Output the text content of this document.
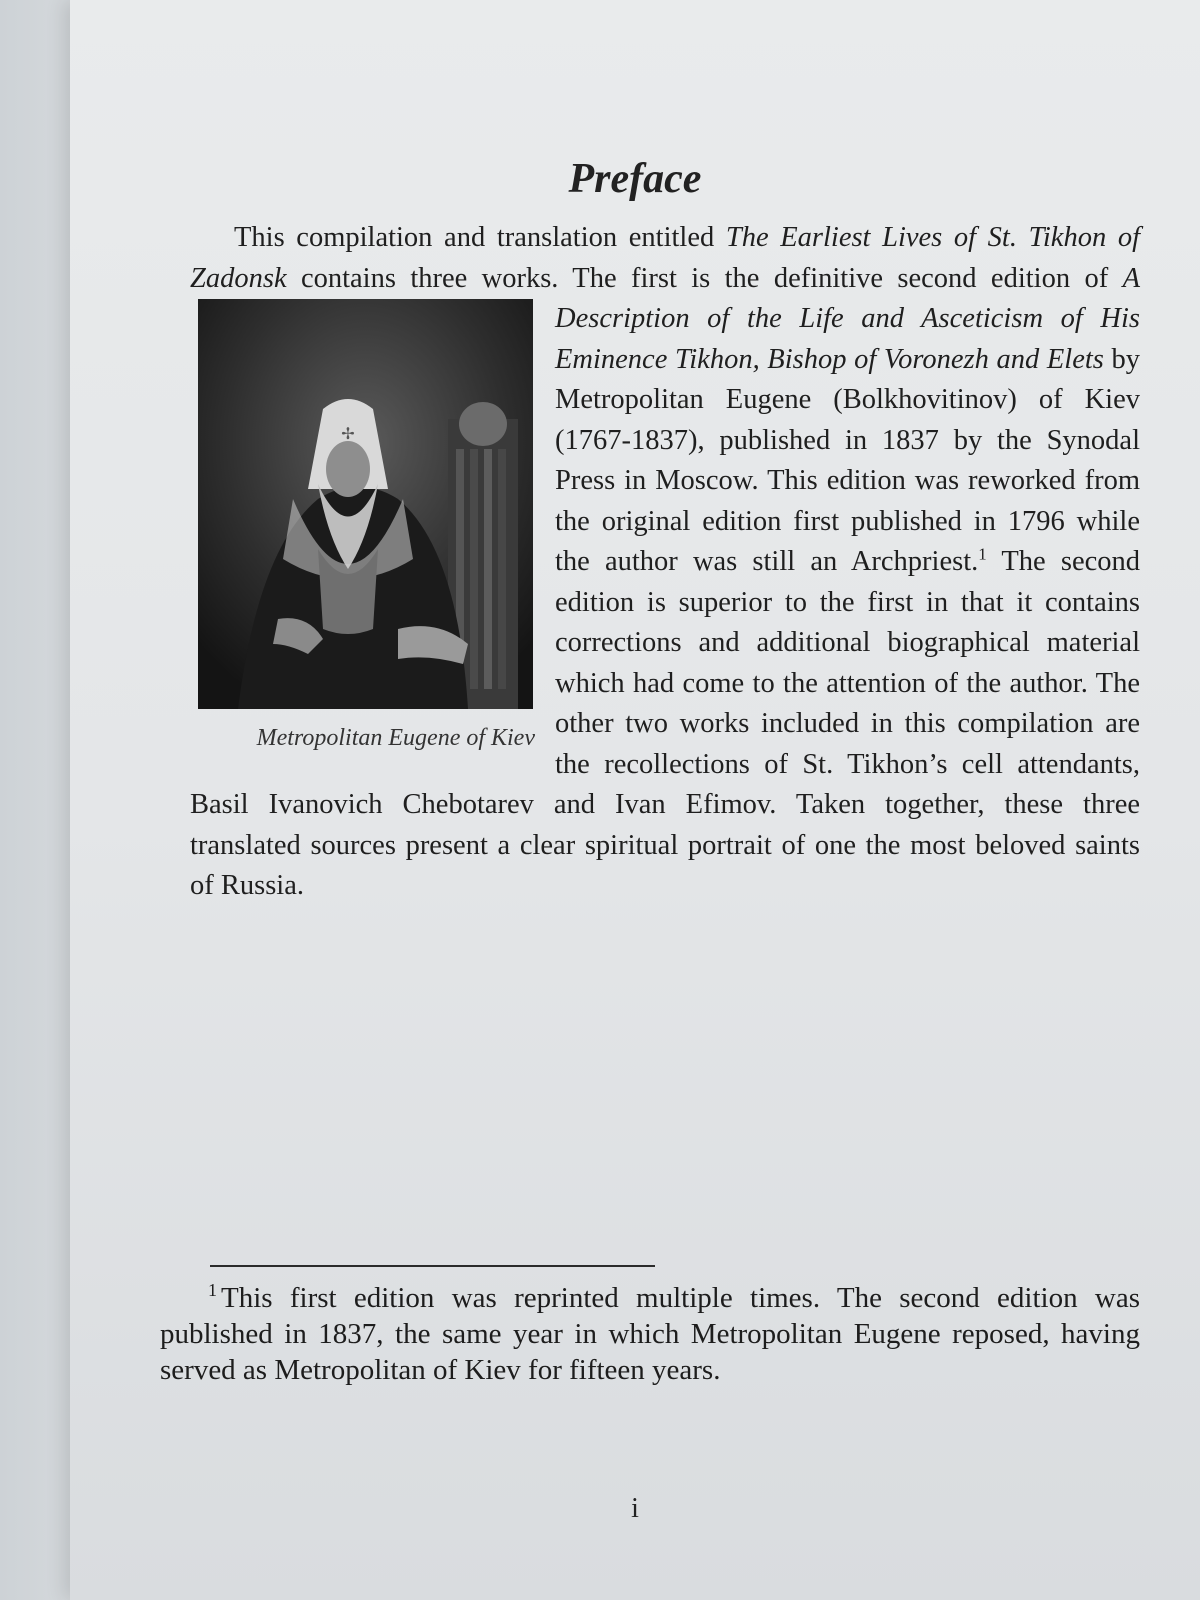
Preface

This compilation and translation entitled The Earliest Lives of St. Tikhon of Zadonsk contains three works. The first is the definitive second edition of
✢
Metropolitan Eugene of Kiev
A Description of the Life and Asceticism of His Eminence Tikhon, Bishop of Voronezh and Elets by Metropolitan Eugene (Bolkhovitinov) of Kiev (1767-1837), published in 1837 by the Synodal Press in Moscow. This edition was reworked from the original edition first published in 1796 while the author was still an Archpriest.$^1$ The second edition is superior to the first in that it contains corrections and additional biographical material which had come to the attention of the author. The other two works included in this compilation are the recollections of St. Tikhon’s cell attendants, Basil Ivanovich Chebotarev and Ivan Efimov. Taken together, these three translated sources present a clear spiritual portrait of one the most beloved saints of Russia.

$^1$ This first edition was reprinted multiple times. The second edition was published in 1837, the same year in which Metropolitan Eugene reposed, having served as Metropolitan of Kiev for fifteen years.
i
